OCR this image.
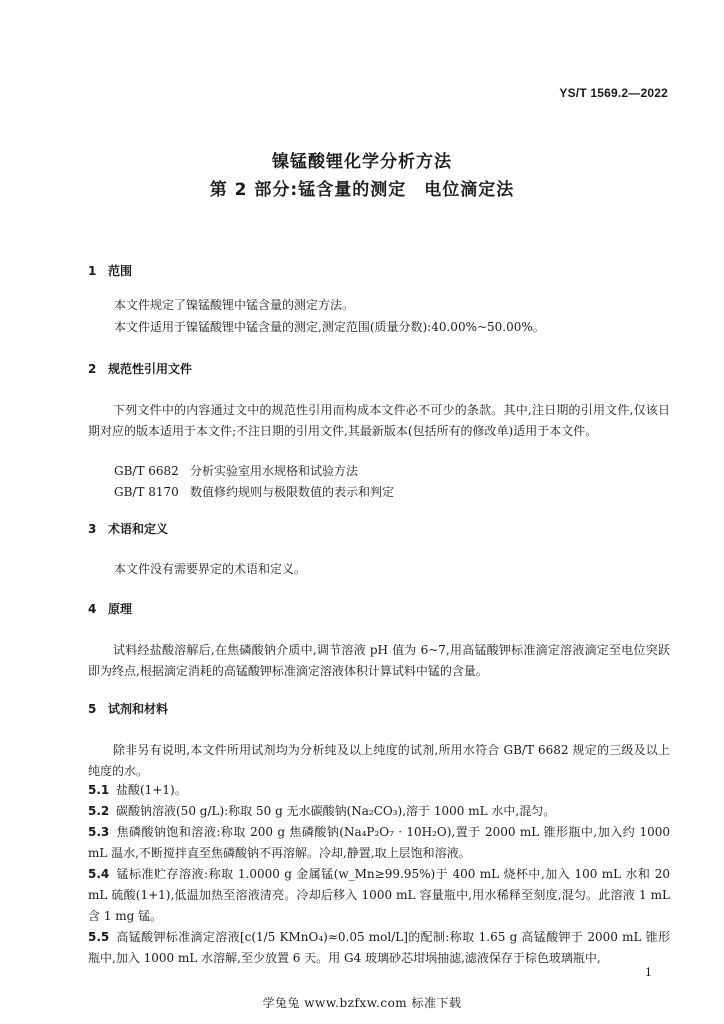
YS/T 1569.2—2022
镍锰酸锂化学分析方法
第 2 部分:锰含量的测定　电位滴定法
1 范围
本文件规定了镍锰酸锂中锰含量的测定方法。
本文件适用于镍锰酸锂中锰含量的测定,测定范围(质量分数):40.00%~50.00%。
2 规范性引用文件
下列文件中的内容通过文中的规范性引用而构成本文件必不可少的条款。其中,注日期的引用文件,仅该日期对应的版本适用于本文件;不注日期的引用文件,其最新版本(包括所有的修改单)适用于本文件。
GB/T 6682 分析实验室用水规格和试验方法
GB/T 8170 数值修约规则与极限数值的表示和判定
3 术语和定义
本文件没有需要界定的术语和定义。
4 原理
试料经盐酸溶解后,在焦磷酸钠介质中,调节溶液 pH 值为 6~7,用高锰酸钾标准滴定溶液滴定至电位突跃即为终点,根据滴定消耗的高锰酸钾标准滴定溶液体积计算试料中锰的含量。
5 试剂和材料
除非另有说明,本文件所用试剂均为分析纯及以上纯度的试剂,所用水符合 GB/T 6682 规定的三级及以上纯度的水。
5.1 盐酸(1+1)。
5.2 碳酸钠溶液(50 g/L):称取 50 g 无水碳酸钠(Na₂CO₃),溶于 1000 mL 水中,混匀。
5.3 焦磷酸钠饱和溶液:称取 200 g 焦磷酸钠(Na₄P₂O₇ · 10H₂O),置于 2000 mL 锥形瓶中,加入约 1000 mL 温水,不断搅拌直至焦磷酸钠不再溶解。冷却,静置,取上层饱和溶液。
5.4 锰标准贮存溶液:称取 1.0000 g 金属锰(w_Mn≥99.95%)于 400 mL 烧杯中,加入 100 mL 水和 20 mL 硫酸(1+1),低温加热至溶液清亮。冷却后移入 1000 mL 容量瓶中,用水稀释至刻度,混匀。此溶液 1 mL 含 1 mg 锰。
5.5 高锰酸钾标准滴定溶液[c(1/5 KMnO₄)≈0.05 mol/L]的配制:称取 1.65 g 高锰酸钾于 2000 mL 锥形瓶中,加入 1000 mL 水溶解,至少放置 6 天。用 G4 玻璃砂芯坩埚抽滤,滤液保存于棕色玻璃瓶中,
1
学兔兔 www.bzfxw.com 标准下载
